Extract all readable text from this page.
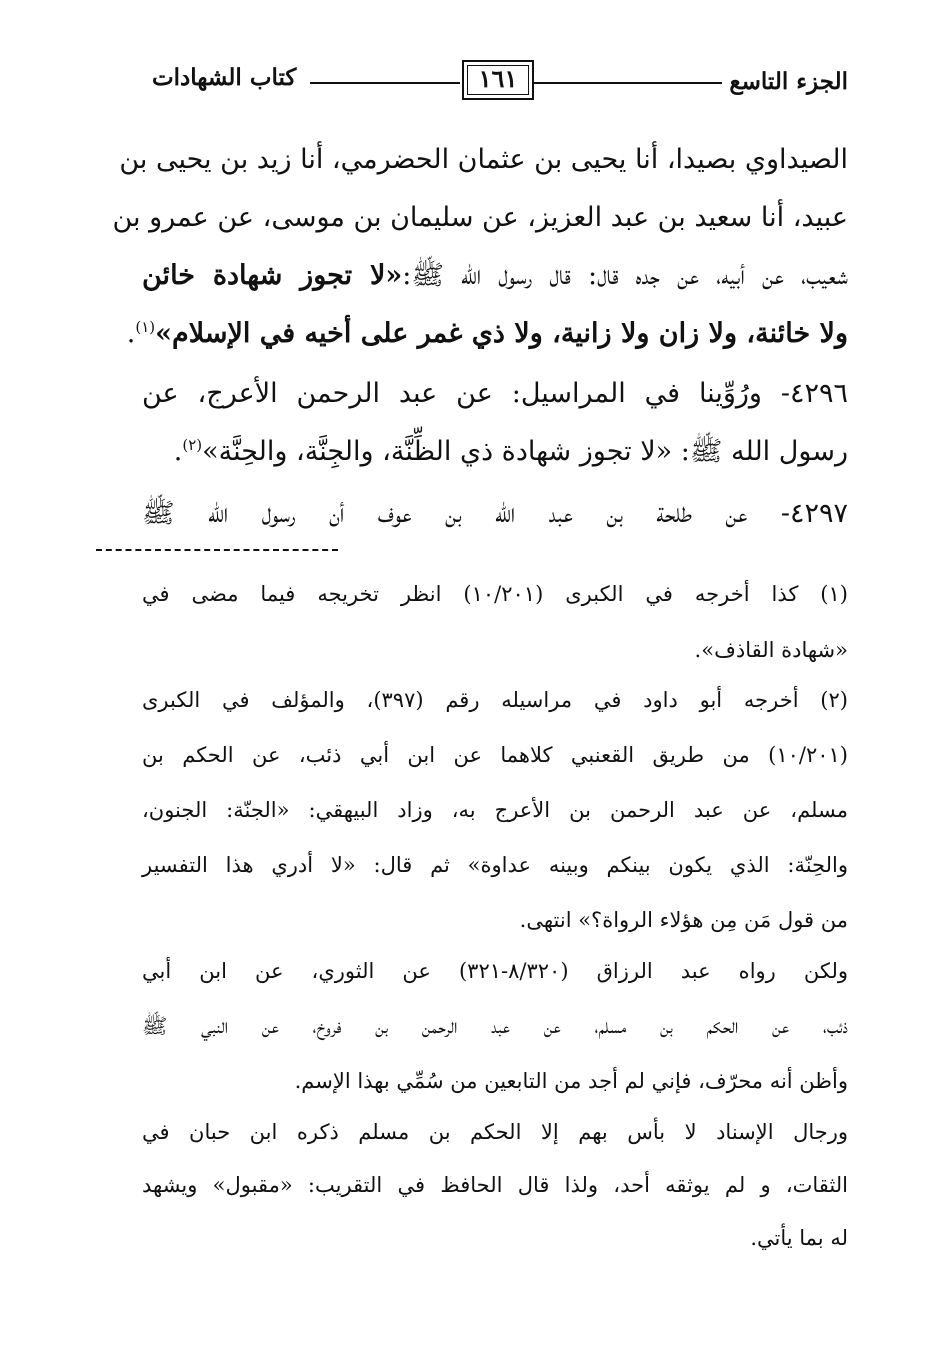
كتاب الشهادات	١٦١	الجزء التاسع
الصيداوي بصيدا، أنا يحيى بن عثمان الحضرمي، أنا زيد بن يحيى بن
عبيد، أنا سعيد بن عبد العزيز، عن سليمان بن موسى، عن عمرو بن
شعيب، عن أبيه، عن جده قال: قال رسول الله ﷺ:«لا تجوز شهادة خائن
ولا خائنة، ولا زان ولا زانية، ولا ذي غمر على أخيه في الإسلام»$^{(١)}$.
٤٢٩٦- ورُوِّينا في المراسيل: عن عبد الرحمن الأعرج، عن
رسول الله ﷺ: «لا تجوز شهادة ذي الظِّنَّة، والجِنَّة، والحِنَّة»$^{(٢)}$.
٤٢٩٧- عن طلحة بن عبد الله بن عوف أن رسول الله ﷺ
(١) كذا أخرجه في الكبرى (١٠/٢٠١) انظر تخريجه فيما مضى في
«شهادة القاذف».
(٢) أخرجه أبو داود في مراسيله رقم (٣٩٧)، والمؤلف في الكبرى
(١٠/٢٠١) من طريق القعنبي كلاهما عن ابن أبي ذئب، عن الحكم بن
مسلم، عن عبد الرحمن بن الأعرج به، وزاد البيهقي: «الجنّة: الجنون،
والحِنّة: الذي يكون بينكم وبينه عداوة» ثم قال: «لا أدري هذا التفسير
من قول مَن مِن هؤلاء الرواة؟» انتهى.
ولكن رواه عبد الرزاق (٨/٣٢٠-٣٢١) عن الثوري، عن ابن أبي
ذئب، عن الحكم بن مسلم، عن عبد الرحمن بن فروخ، عن النبي ﷺ
وأظن أنه محرّف، فإني لم أجد من التابعين من سُمِّي بهذا الإسم.
ورجال الإسناد لا بأس بهم إلا الحكم بن مسلم ذكره ابن حبان في
الثقات، و لم يوثقه أحد، ولذا قال الحافظ في التقريب: «مقبول» ويشهد
له بما يأتي.
